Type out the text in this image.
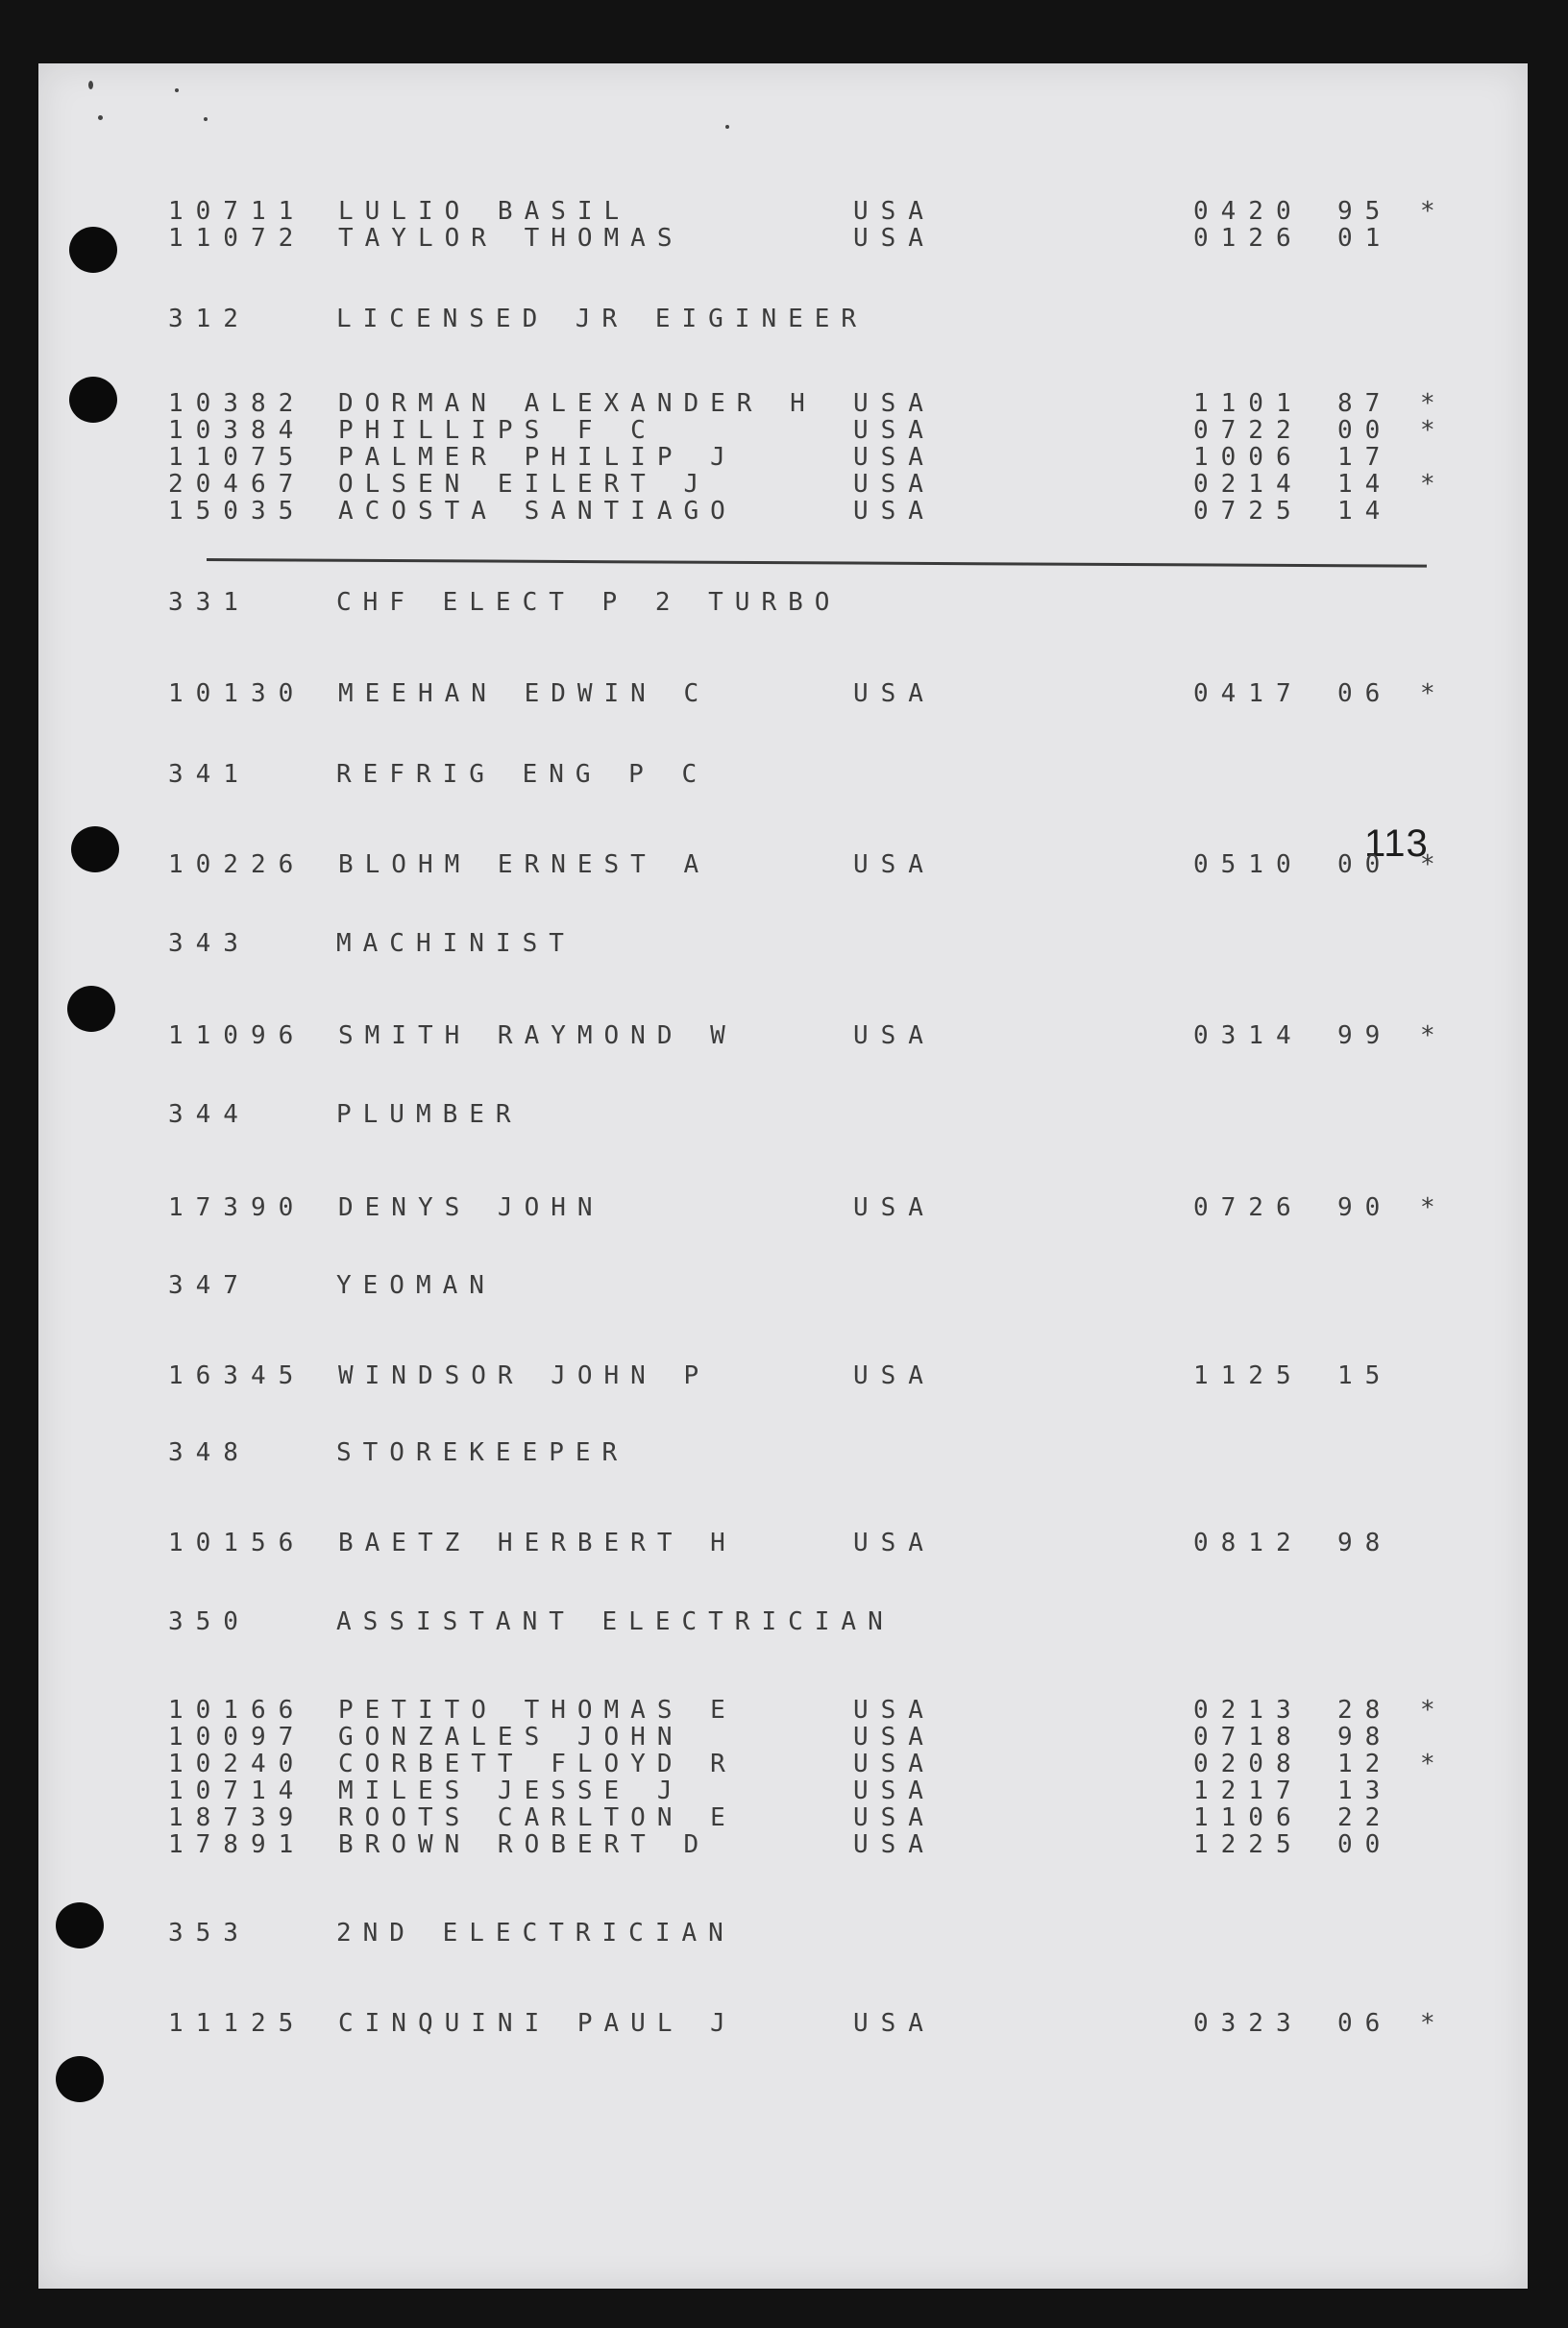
113
10711 LULIO BASIL	USA	0420 95 *
11072 TAYLOR THOMAS	USA	0126 01
312	LICENSED JR EIGINEER
10382 DORMAN ALEXANDER H USA	1101 87 *
10384 PHILLIPS F C	USA	0722 00 *
11075 PALMER PHILIP J	USA	1006 17
20467 OLSEN EILERT J	USA	0214 14 *
15035 ACOSTA SANTIAGO	USA	0725 14
331	CHF ELECT P 2 TURBO
10130 MEEHAN EDWIN C	USA	0417 06 *
341	REFRIG ENG P C
10226 BLOHM ERNEST A	USA	0510 00 *
343	MACHINIST
11096 SMITH RAYMOND W	USA	0314 99 *
344	PLUMBER
17390 DENYS JOHN	USA	0726 90 *
347	YEOMAN
16345 WINDSOR JOHN P	USA	1125 15
348	STOREKEEPER
10156 BAETZ HERBERT H	USA	0812 98
350	ASSISTANT ELECTRICIAN
10166 PETITO THOMAS E	USA	0213 28 *
10097 GONZALES JOHN	USA	0718 98
10240 CORBETT FLOYD R	USA	0208 12 *
10714 MILES JESSE J	USA	1217 13
18739 ROOTS CARLTON E	USA	1106 22
17891 BROWN ROBERT D	USA	1225 00
353	2ND ELECTRICIAN
11125 CINQUINI PAUL J	USA	0323 06 *
